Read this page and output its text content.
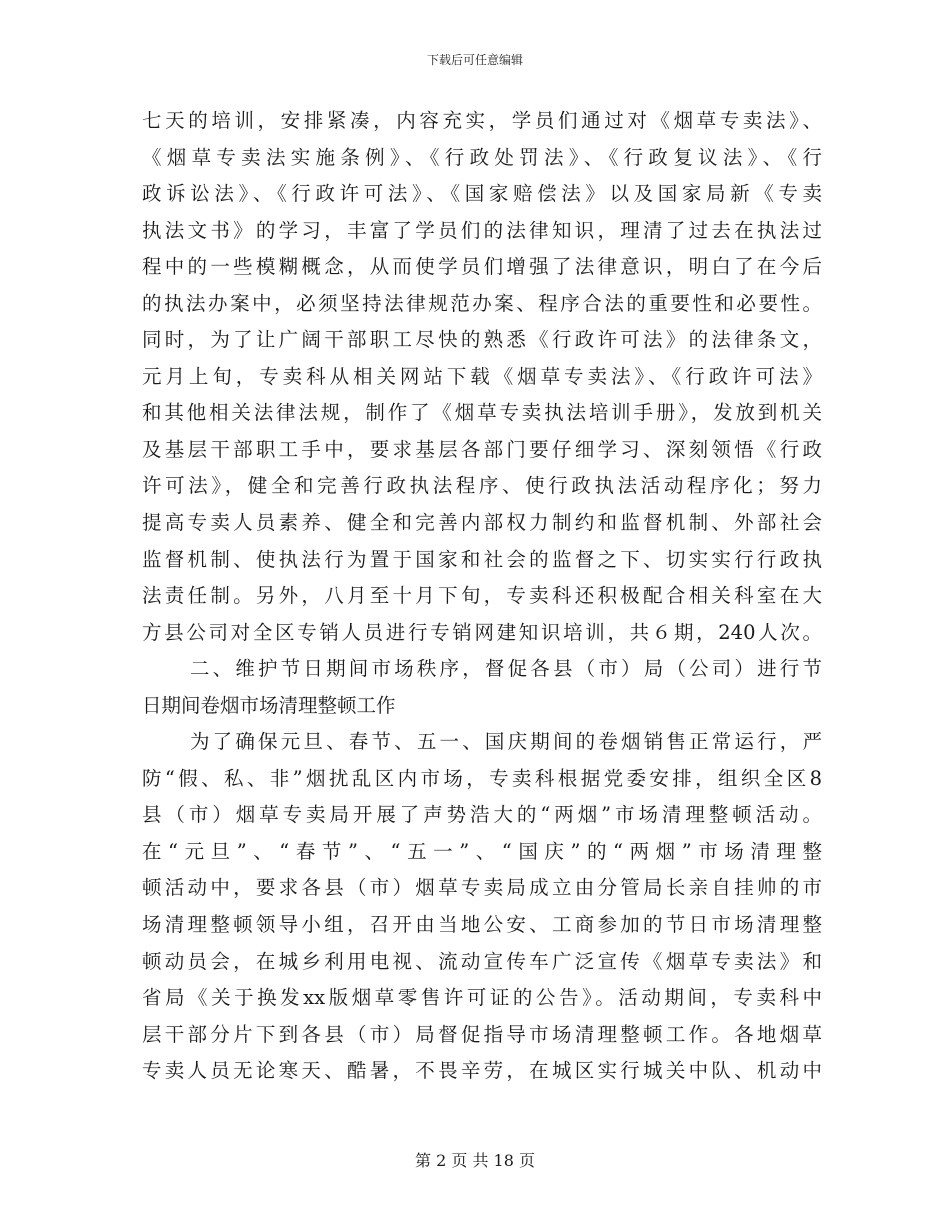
下载后可任意编辑
七天的培训，安排紧凑，内容充实，学员们通过对《烟草专卖法》、
《烟草专卖法实施条例》、《行政处罚法》、《行政复议法》、《行
政诉讼法》、《行政许可法》、《国家赔偿法》以及国家局新《专卖
执法文书》的学习，丰富了学员们的法律知识，理清了过去在执法过
程中的一些模糊概念，从而使学员们增强了法律意识，明白了在今后
的执法办案中，必须坚持法律规范办案、程序合法的重要性和必要性。
同时，为了让广阔干部职工尽快的熟悉《行政许可法》的法律条文，
元月上旬，专卖科从相关网站下载《烟草专卖法》、《行政许可法》
和其他相关法律法规，制作了《烟草专卖执法培训手册》，发放到机关
及基层干部职工手中，要求基层各部门要仔细学习、深刻领悟《行政
许可法》，健全和完善行政执法程序、使行政执法活动程序化；努力
提高专卖人员素养、健全和完善内部权力制约和监督机制、外部社会
监督机制、使执法行为置于国家和社会的监督之下、切实实行行政执
法责任制。另外，八月至十月下旬，专卖科还积极配合相关科室在大
方县公司对全区专销人员进行专销网建知识培训，共６期，240人次。
二、维护节日期间市场秩序，督促各县（市）局（公司）进行节
日期间卷烟市场清理整顿工作
为了确保元旦、春节、五一、国庆期间的卷烟销售正常运行，严
防“假、私、非”烟扰乱区内市场，专卖科根据党委安排，组织全区8
县（市）烟草专卖局开展了声势浩大的“两烟”市场清理整顿活动。
在“元旦”、“春节”、“五一”、“国庆”的“两烟”市场清理整
顿活动中，要求各县（市）烟草专卖局成立由分管局长亲自挂帅的市
场清理整顿领导小组，召开由当地公安、工商参加的节日市场清理整
顿动员会，在城乡利用电视、流动宣传车广泛宣传《烟草专卖法》和
省局《关于换发xx版烟草零售许可证的公告》。活动期间，专卖科中
层干部分片下到各县（市）局督促指导市场清理整顿工作。各地烟草
专卖人员无论寒天、酷暑，不畏辛劳，在城区实行城关中队、机动中
第 2 页 共 18 页
